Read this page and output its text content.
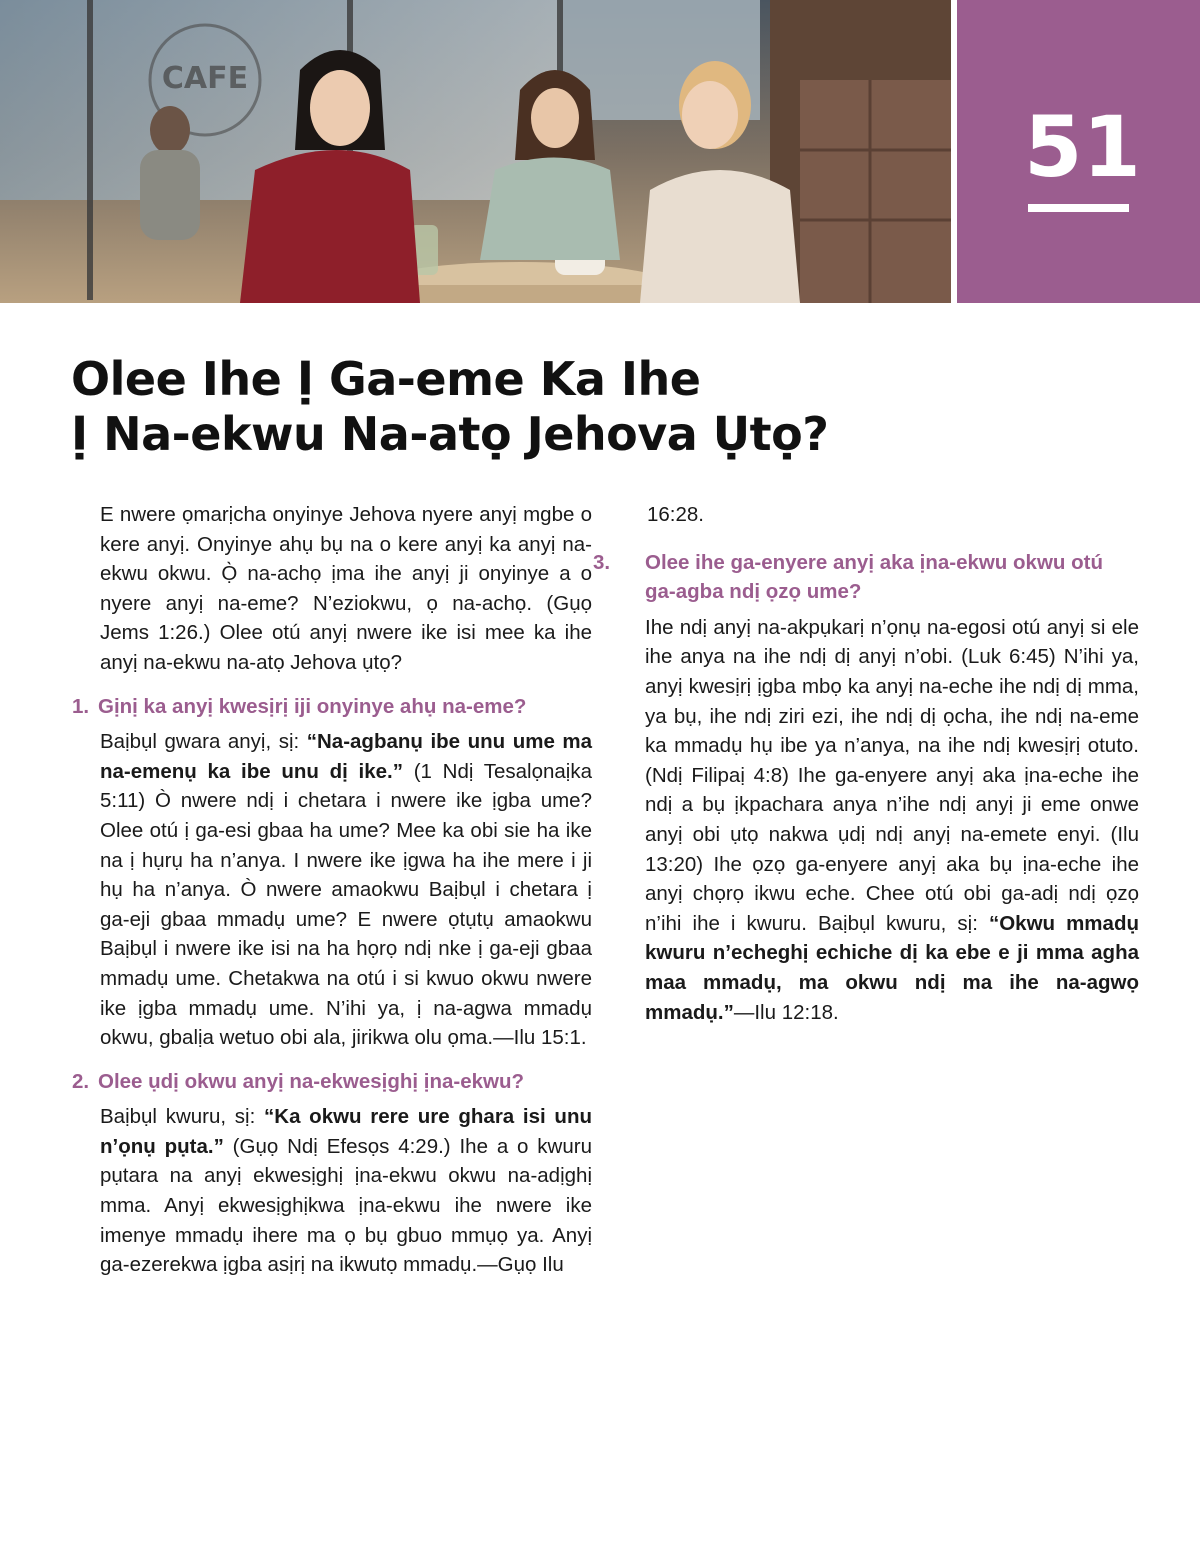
CAFE
51
Olee Ihe Ị Ga-eme Ka Ihe
Ị Na-ekwu Na-atọ Jehova Ụtọ?

E nwere ọmarịcha onyinye Jehova nyere anyị mgbe o kere anyị. Onyinye ahụ bụ na o kere anyị ka anyị na-ekwu okwu. Ọ̀ na-achọ ịma ihe anyị ji onyinye a o nyere anyị na-eme? N’eziokwu, ọ na-achọ. (Gụọ Jems 1:26.) Olee otú anyị nwere ike isi mee ka ihe anyị na-ekwu na-atọ Jehova ụtọ?

1. Gịnị ka anyị kwesịrị iji onyinye ahụ na-eme?

Baịbụl gwara anyị, sị: “Na-agbanụ ibe unu ume ma na-emenụ ka ibe unu dị ike.” (1 Ndị Tesalọnaịka 5:11) Ò nwere ndị i chetara i nwere ike ịgba ume? Olee otú ị ga-esi gbaa ha ume? Mee ka obi sie ha ike na ị hụrụ ha n’anya. I nwere ike ịgwa ha ihe mere i ji hụ ha n’anya. Ò nwere amaokwu Baịbụl i chetara ị ga-eji gbaa mmadụ ume? E nwere ọtụtụ amaokwu Baịbụl i nwere ike isi na ha họrọ ndị nke ị ga-eji gbaa mmadụ ume. Chetakwa na otú i si kwuo okwu nwere ike ịgba mmadụ ume. N’ihi ya, ị na-agwa mmadụ okwu, gbalịa wetuo obi ala, jirikwa olu ọma.—Ilu 15:1.

2. Olee ụdị okwu anyị na-ekwesịghị ịna-ekwu?

Baịbụl kwuru, sị: “Ka okwu rere ure ghara isi unu n’ọnụ pụta.” (Gụọ Ndị Efesọs 4:29.) Ihe a o kwuru pụtara na anyị ekwesịghị ịna-ekwu okwu na-adịghị mma. Anyị ekwesịghịkwa ịna-ekwu ihe nwere ike imenye mmadụ ihere ma ọ bụ gbuo mmụọ ya. Anyị ga-ezerekwa ịgba asịrị na ikwutọ mmadụ.—Gụọ Ilu

16:28.

3. Olee ihe ga-enyere anyị aka ịna-ekwu okwu otú ga-agba ndị ọzọ ume?

Ihe ndị anyị na-akpụkarị n’ọnụ na-egosi otú anyị si ele ihe anya na ihe ndị dị anyị n’obi. (Luk 6:45) N’ihi ya, anyị kwesịrị ịgba mbọ ka anyị na-eche ihe ndị dị mma, ya bụ, ihe ndị ziri ezi, ihe ndị dị ọcha, ihe ndị na-eme ka mmadụ hụ ibe ya n’anya, na ihe ndị kwesịrị otuto. (Ndị Filipaị 4:8) Ihe ga-enyere anyị aka ịna-eche ihe ndị a bụ ịkpachara anya n’ihe ndị anyị ji eme onwe anyị obi ụtọ nakwa ụdị ndị anyị na-emete enyi. (Ilu 13:20) Ihe ọzọ ga-enyere anyị aka bụ ịna-eche ihe anyị chọrọ ikwu eche. Chee otú obi ga-adị ndị ọzọ n’ihi ihe i kwuru. Baịbụl kwuru, sị: “Okwu mmadụ kwuru n’echeghị echiche dị ka ebe e ji mma agha maa mmadụ, ma okwu ndị ma ihe na-agwọ mmadụ.”—Ilu 12:18.
